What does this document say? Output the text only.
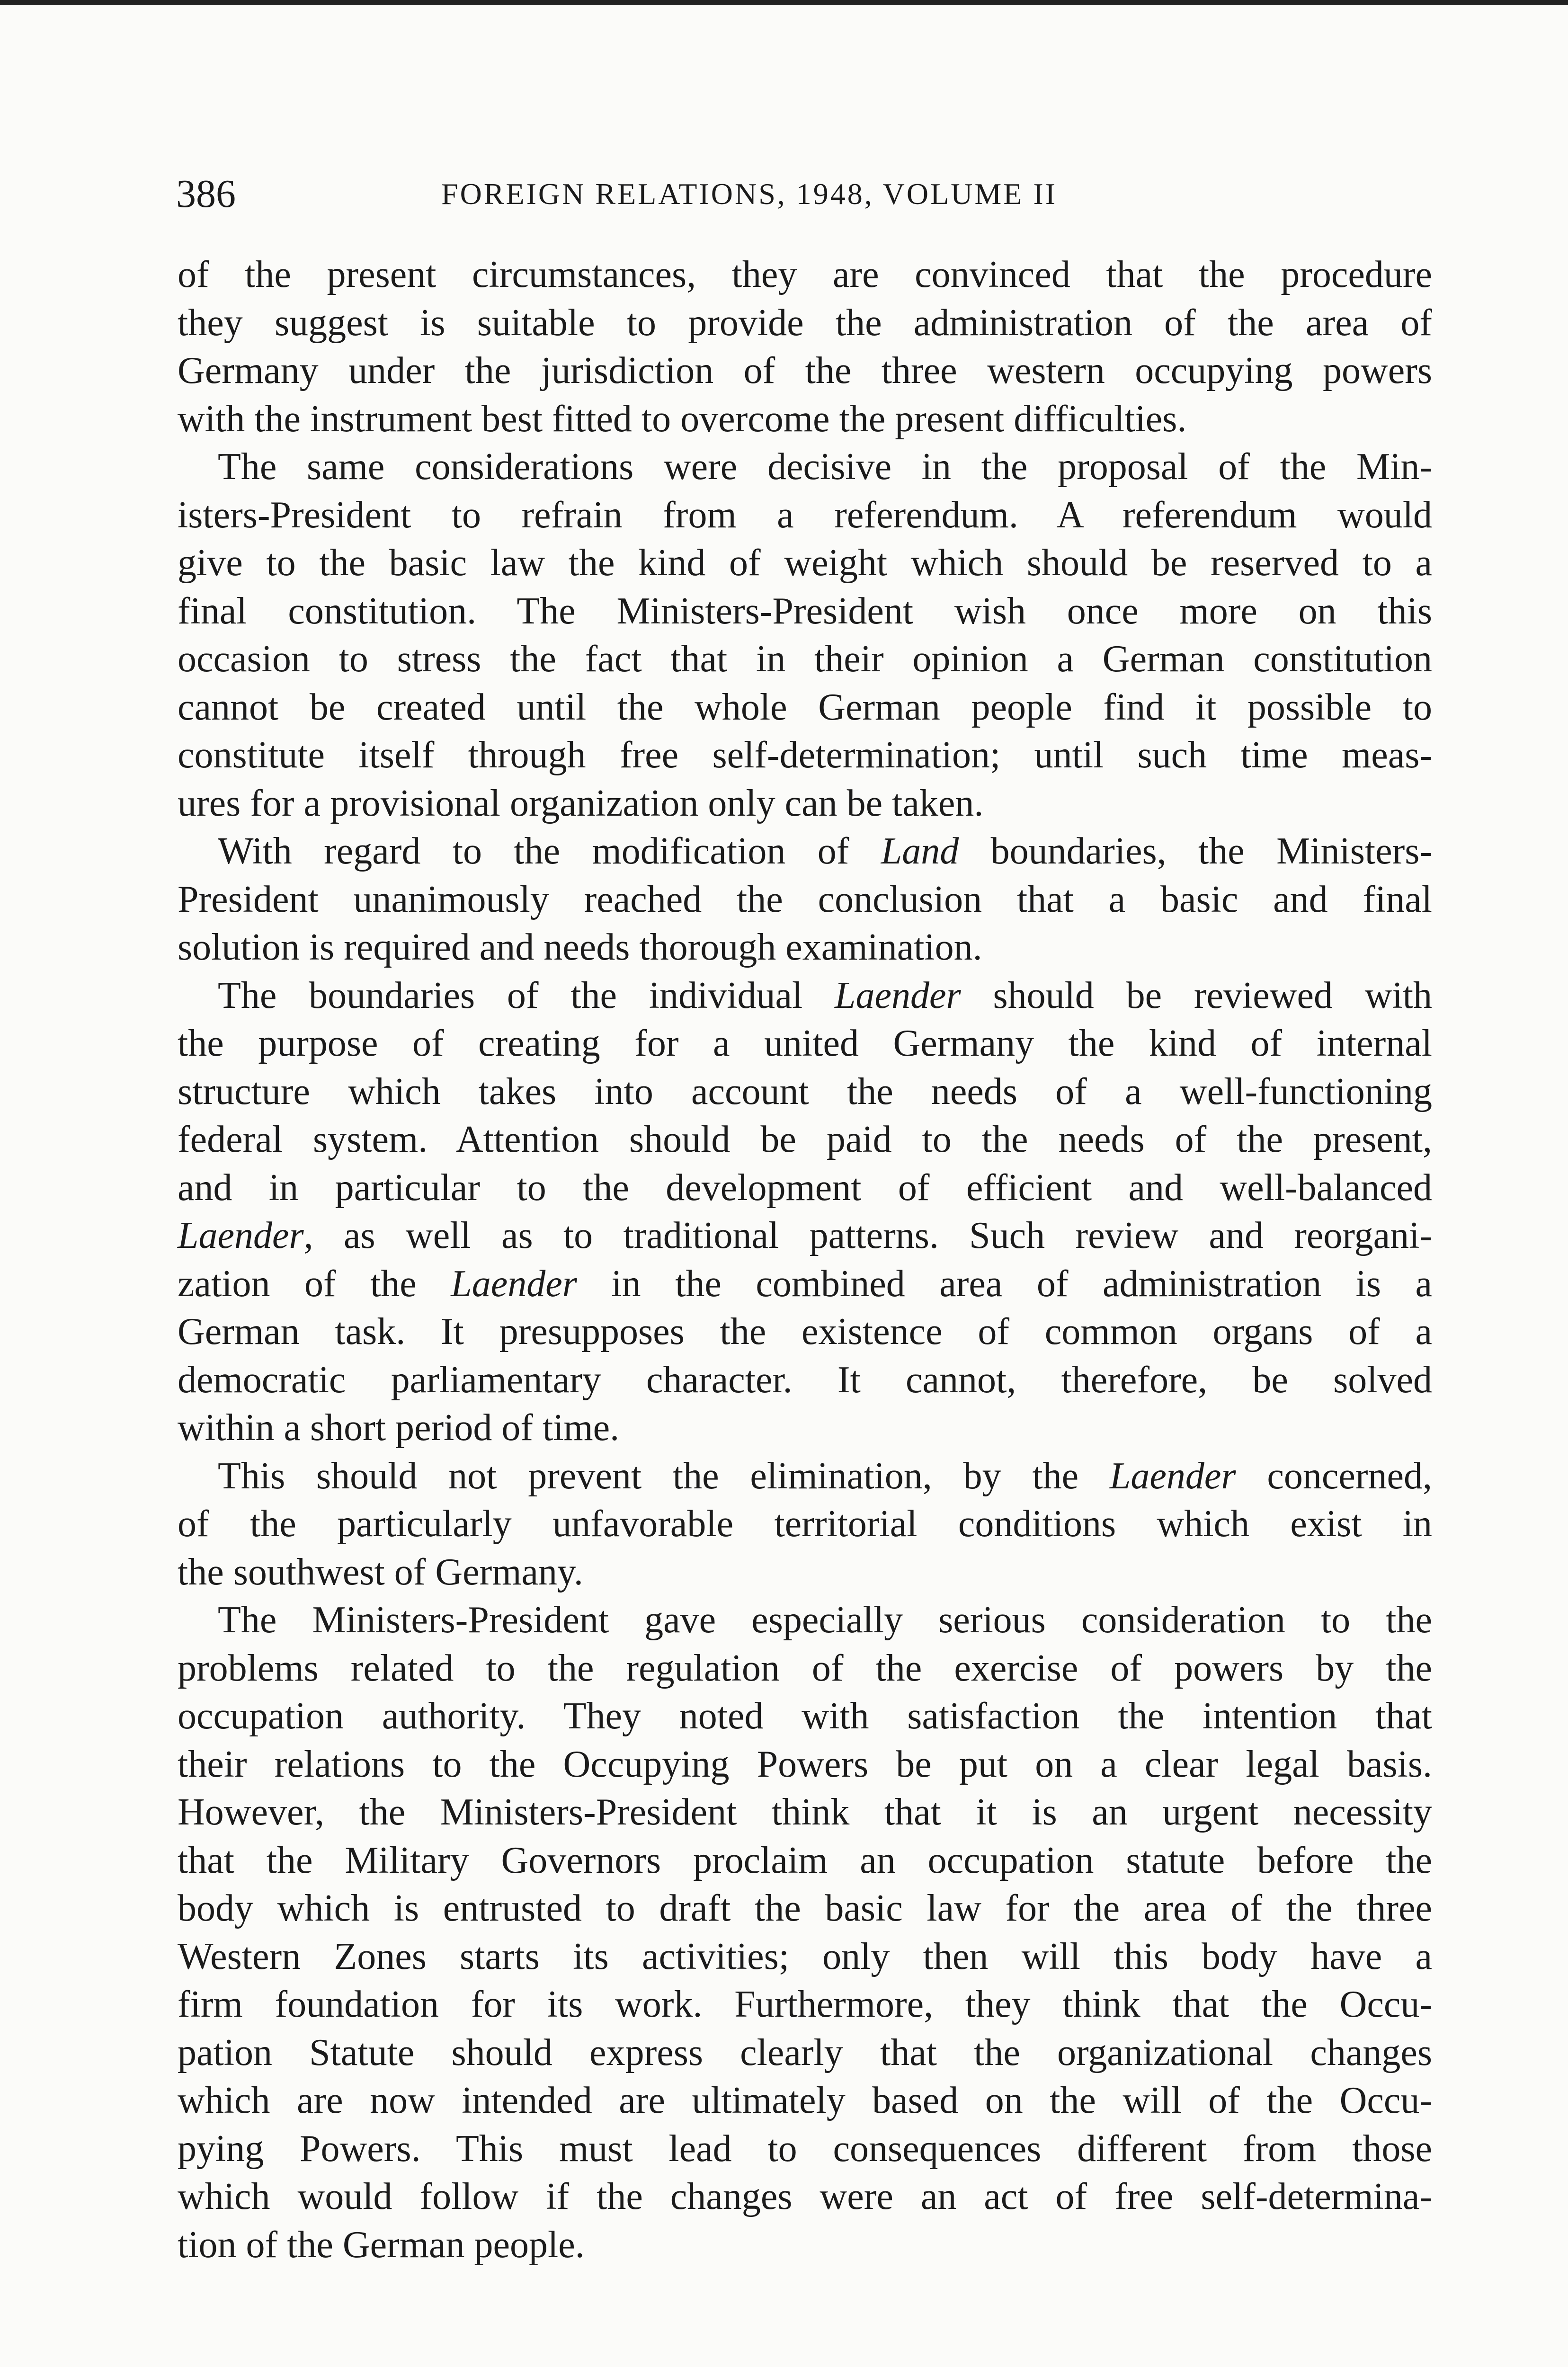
386	FOREIGN RELATIONS, 1948, VOLUME II
of the present circumstances, they are convinced that the procedure
they suggest is suitable to provide the administration of the area of
Germany under the jurisdiction of the three western occupying powers
with the instrument best fitted to overcome the present difficulties.
The same considerations were decisive in the proposal of the Min-
isters-President to refrain from a referendum. A referendum would
give to the basic law the kind of weight which should be reserved to a
final constitution. The Ministers-President wish once more on this
occasion to stress the fact that in their opinion a German constitution
cannot be created until the whole German people find it possible to
constitute itself through free self-determination; until such time meas-
ures for a provisional organization only can be taken.
With regard to the modification of Land boundaries, the Ministers-
President unanimously reached the conclusion that a basic and final
solution is required and needs thorough examination.
The boundaries of the individual Laender should be reviewed with
the purpose of creating for a united Germany the kind of internal
structure which takes into account the needs of a well-functioning
federal system. Attention should be paid to the needs of the present,
and in particular to the development of efficient and well-balanced
Laender, as well as to traditional patterns. Such review and reorgani-
zation of the Laender in the combined area of administration is a
German task. It presupposes the existence of common organs of a
democratic parliamentary character. It cannot, therefore, be solved
within a short period of time.
This should not prevent the elimination, by the Laender concerned,
of the particularly unfavorable territorial conditions which exist in
the southwest of Germany.
The Ministers-President gave especially serious consideration to the
problems related to the regulation of the exercise of powers by the
occupation authority. They noted with satisfaction the intention that
their relations to the Occupying Powers be put on a clear legal basis.
However, the Ministers-President think that it is an urgent necessity
that the Military Governors proclaim an occupation statute before the
body which is entrusted to draft the basic law for the area of the three
Western Zones starts its activities; only then will this body have a
firm foundation for its work. Furthermore, they think that the Occu-
pation Statute should express clearly that the organizational changes
which are now intended are ultimately based on the will of the Occu-
pying Powers. This must lead to consequences different from those
which would follow if the changes were an act of free self-determina-
tion of the German people.
